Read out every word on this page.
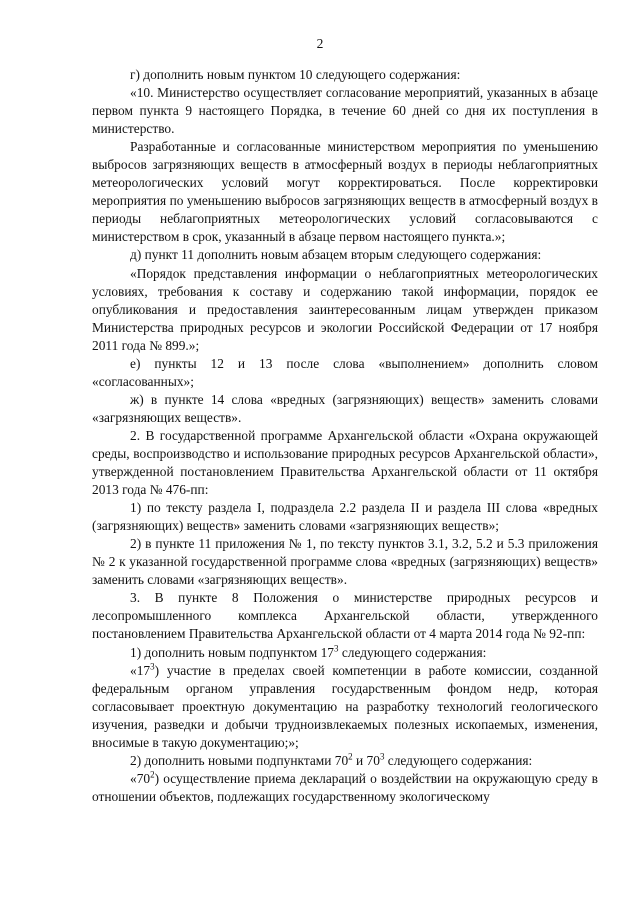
2

г) дополнить новым пунктом 10 следующего содержания:

«10. Министерство осуществляет согласование мероприятий, указанных в абзаце первом пункта 9 настоящего Порядка, в течение 60 дней со дня их поступления в министерство.

Разработанные и согласованные министерством мероприятия по уменьшению выбросов загрязняющих веществ в атмосферный воздух в периоды неблагоприятных метеорологических условий могут корректироваться. После корректировки мероприятия по уменьшению выбросов загрязняющих веществ в атмосферный воздух в периоды неблагоприятных метеорологических условий согласовываются с министерством в срок, указанный в абзаце первом настоящего пункта.»;

д) пункт 11 дополнить новым абзацем вторым следующего содержания:

«Порядок представления информации о неблагоприятных метеорологических условиях, требования к составу и содержанию такой информации, порядок ее опубликования и предоставления заинтересованным лицам утвержден приказом Министерства природных ресурсов и экологии Российской Федерации от 17 ноября 2011 года № 899.»;

е) пункты 12 и 13 после слова «выполнением» дополнить словом «согласованных»;

ж) в пункте 14 слова «вредных (загрязняющих) веществ» заменить словами «загрязняющих веществ».

2. В государственной программе Архангельской области «Охрана окружающей среды, воспроизводство и использование природных ресурсов Архангельской области», утвержденной постановлением Правительства Архангельской области от 11 октября 2013 года № 476-пп:

1) по тексту раздела I, подраздела 2.2 раздела II и раздела III слова «вредных (загрязняющих) веществ» заменить словами «загрязняющих веществ»;

2) в пункте 11 приложения № 1, по тексту пунктов 3.1, 3.2, 5.2 и 5.3 приложения № 2 к указанной государственной программе слова «вредных (загрязняющих) веществ» заменить словами «загрязняющих веществ».

3. В пункте 8 Положения о министерстве природных ресурсов и лесопромышленного комплекса Архангельской области, утвержденного постановлением Правительства Архангельской области от 4 марта 2014 года № 92-пп:

1) дополнить новым подпунктом $17^3$ следующего содержания:

«$17^3$) участие в пределах своей компетенции в работе комиссии, созданной федеральным органом управления государственным фондом недр, которая согласовывает проектную документацию на разработку технологий геологического изучения, разведки и добычи трудноизвлекаемых полезных ископаемых, изменения, вносимые в такую документацию;»;

2) дополнить новыми подпунктами $70^2$ и $70^3$ следующего содержания:

«$70^2$) осуществление приема деклараций о воздействии на окружающую среду в отношении объектов, подлежащих государственному экологическому
